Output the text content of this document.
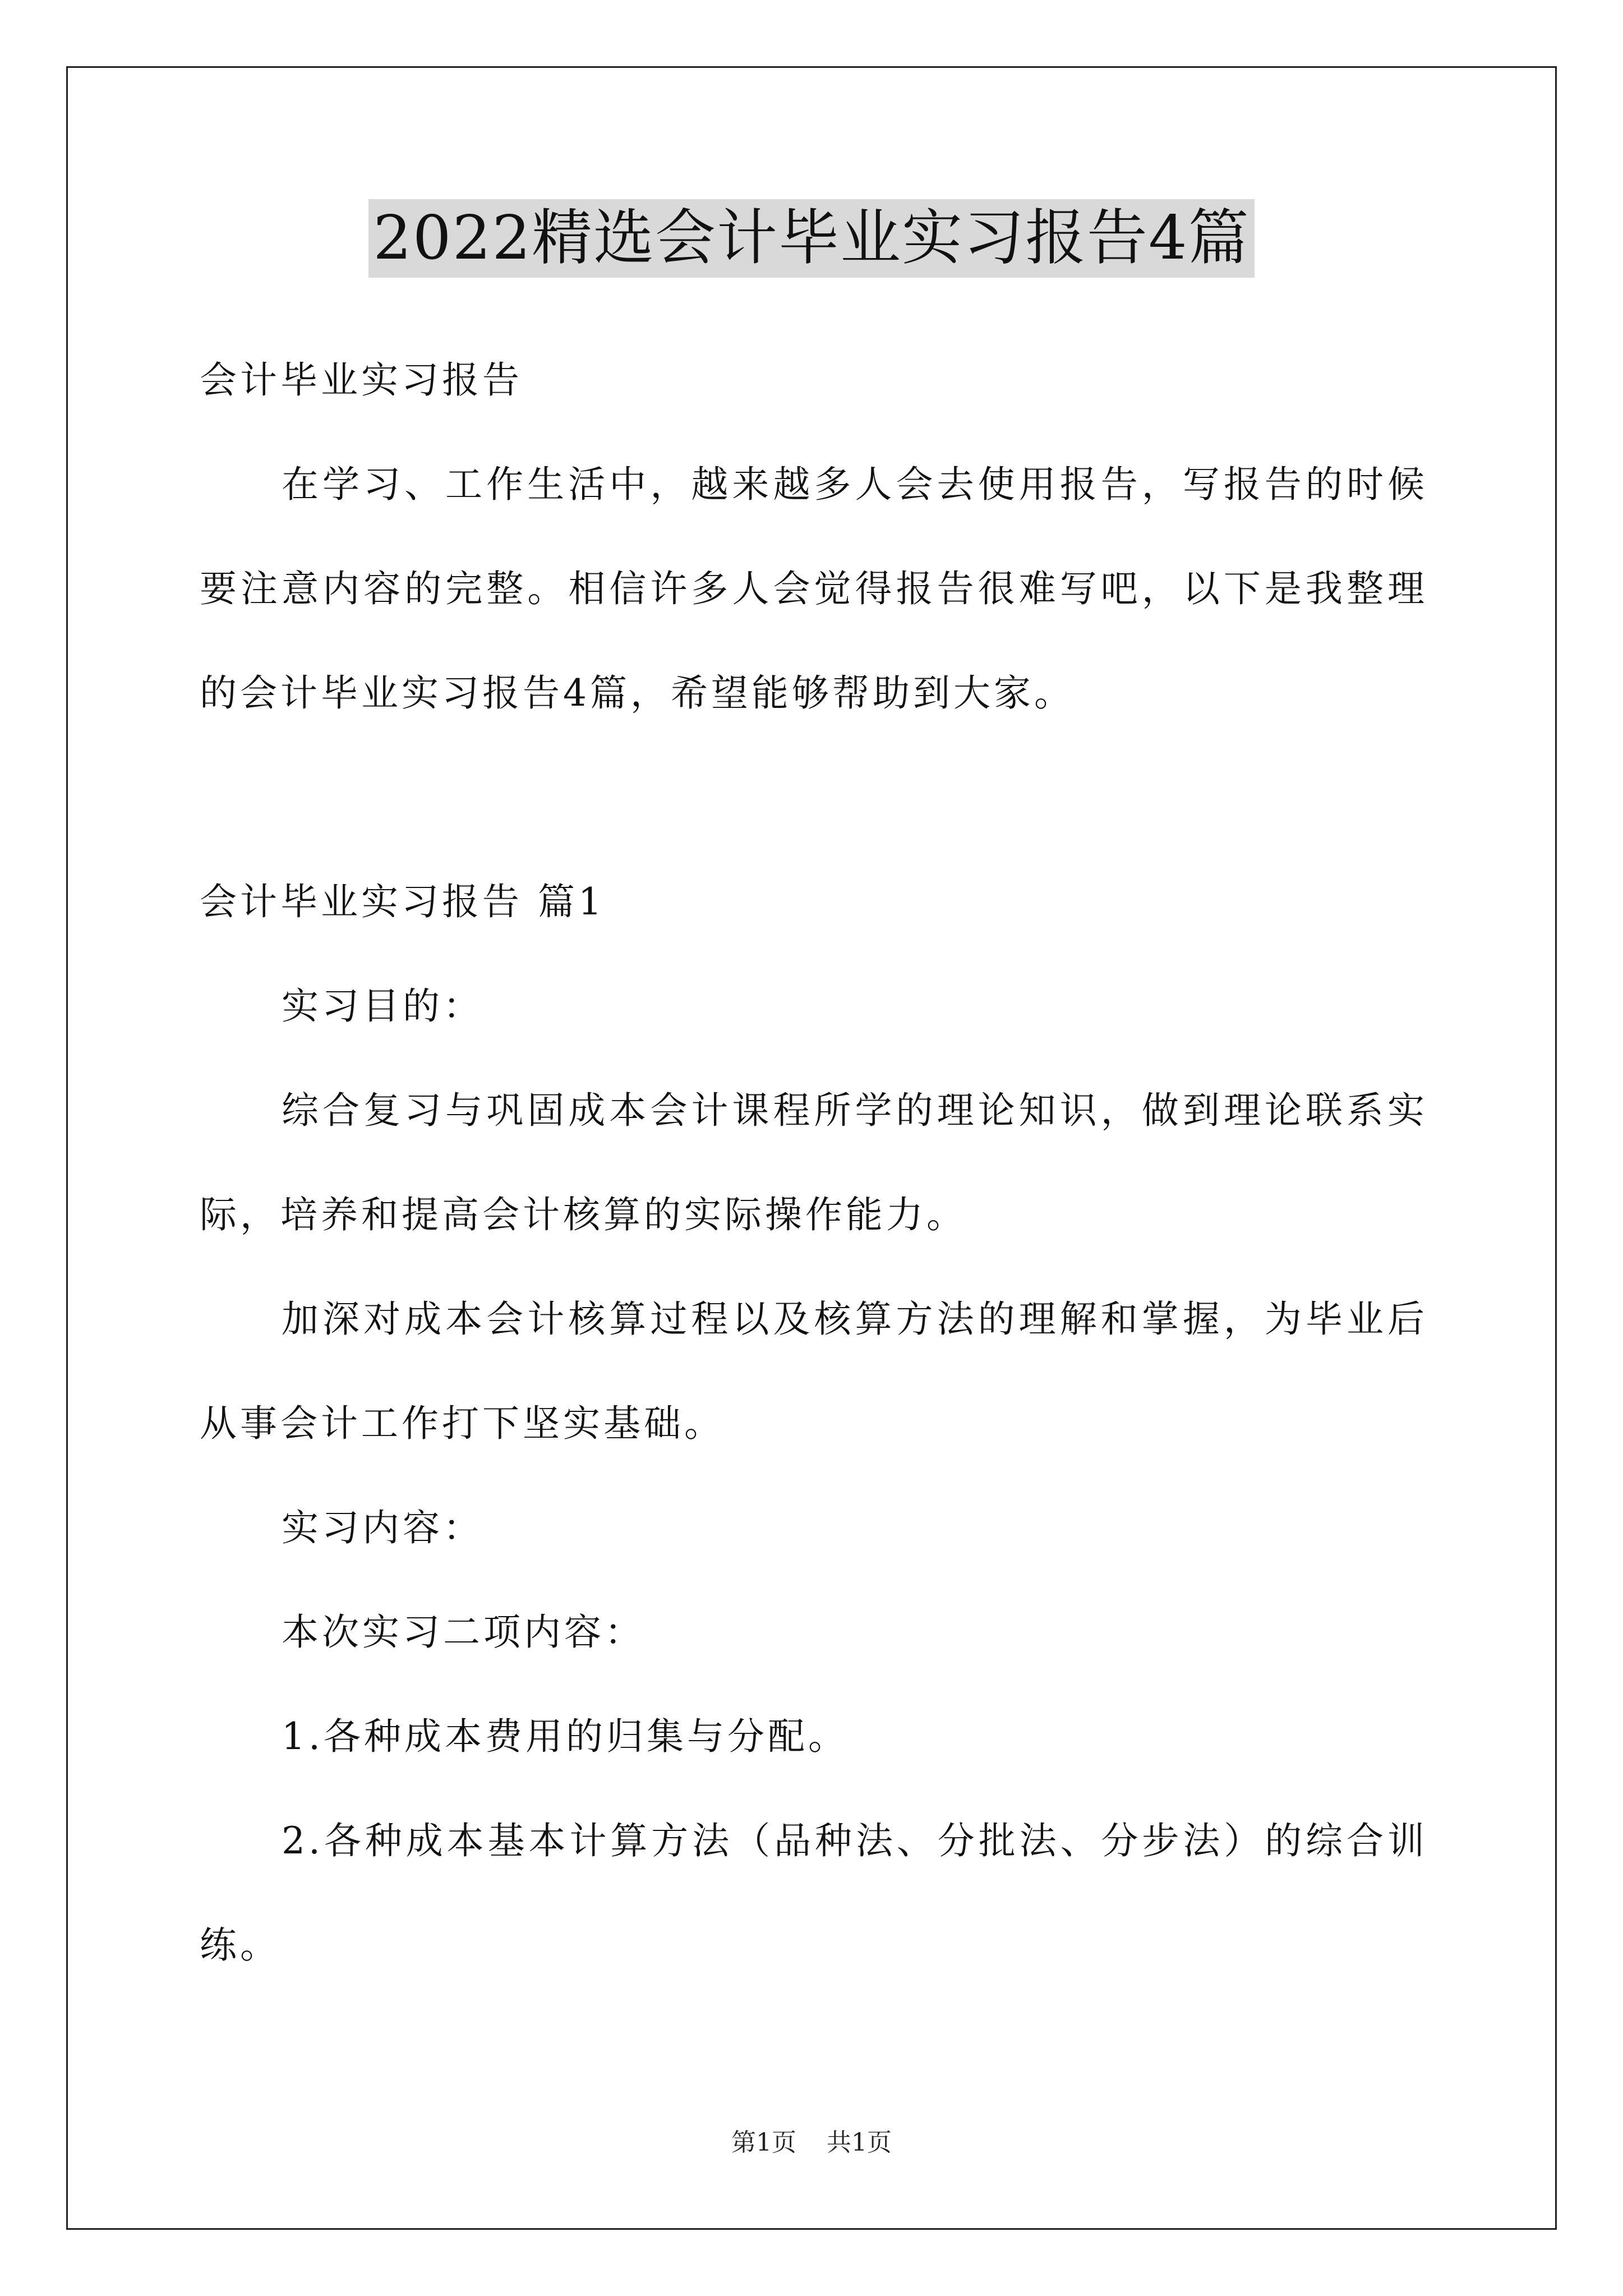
2022精选会计毕业实习报告4篇

会计毕业实习报告

在学习、工作生活中，越来越多人会去使用报告，写报告的时候要注意内容的完整。相信许多人会觉得报告很难写吧，以下是我整理的会计毕业实习报告4篇，希望能够帮助到大家。

会计毕业实习报告 篇1

实习目的：

综合复习与巩固成本会计课程所学的理论知识，做到理论联系实际，培养和提高会计核算的实际操作能力。

加深对成本会计核算过程以及核算方法的理解和掌握，为毕业后从事会计工作打下坚实基础。

实习内容：

本次实习二项内容：

1.各种成本费用的归集与分配。

2.各种成本基本计算方法（品种法、分批法、分步法）的综合训练。

第1页 共1页
